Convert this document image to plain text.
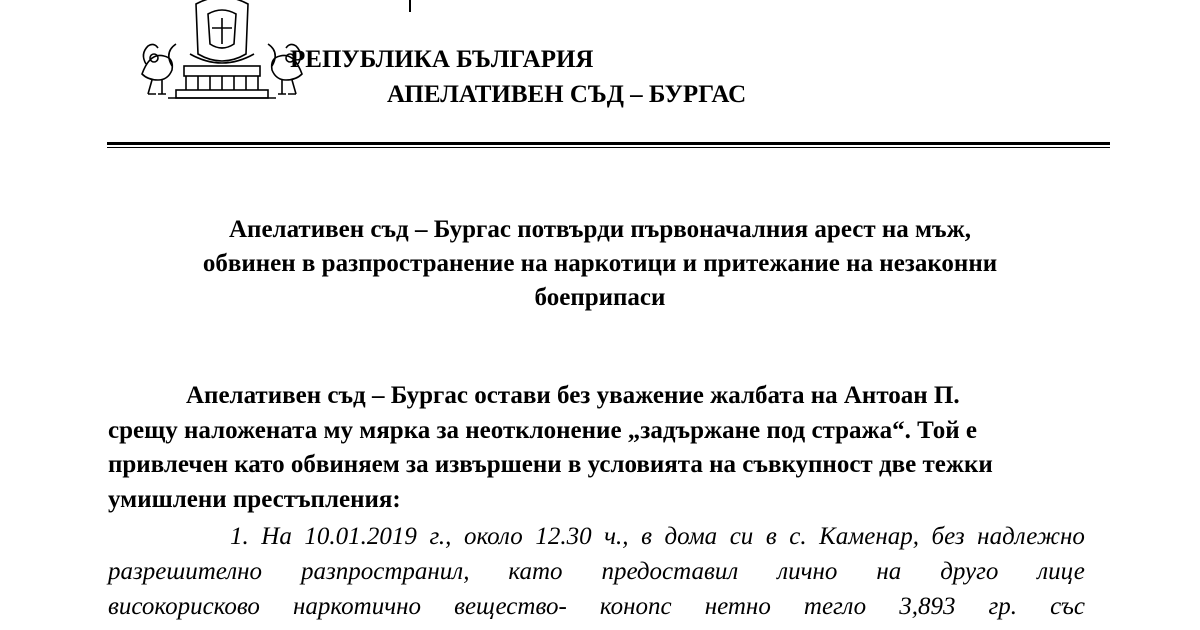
РЕПУБЛИКА БЪЛГАРИЯ
АПЕЛАТИВЕН СЪД – БУРГАС
Апелативен съд – Бургас потвърди първоначалния арест на мъж,
обвинен в разпространение на наркотици и притежание на незаконни
боеприпаси
Апелативен съд – Бургас остави без уважение жалбата на Антоан П.
срещу наложената му мярка за неотклонение „задържане под стража“. Той е
привлечен като обвиняем за извършени в условията на съвкупност две тежки
умишлени престъпления:
1. На 10.01.2019 г., около 12.30 ч., в дома си в с. Каменар, без надлежно
разрешително разпространил, като предоставил лично на друго лице
високорисково наркотично вещество- конопс нетно тегло 3,893 гр. със
